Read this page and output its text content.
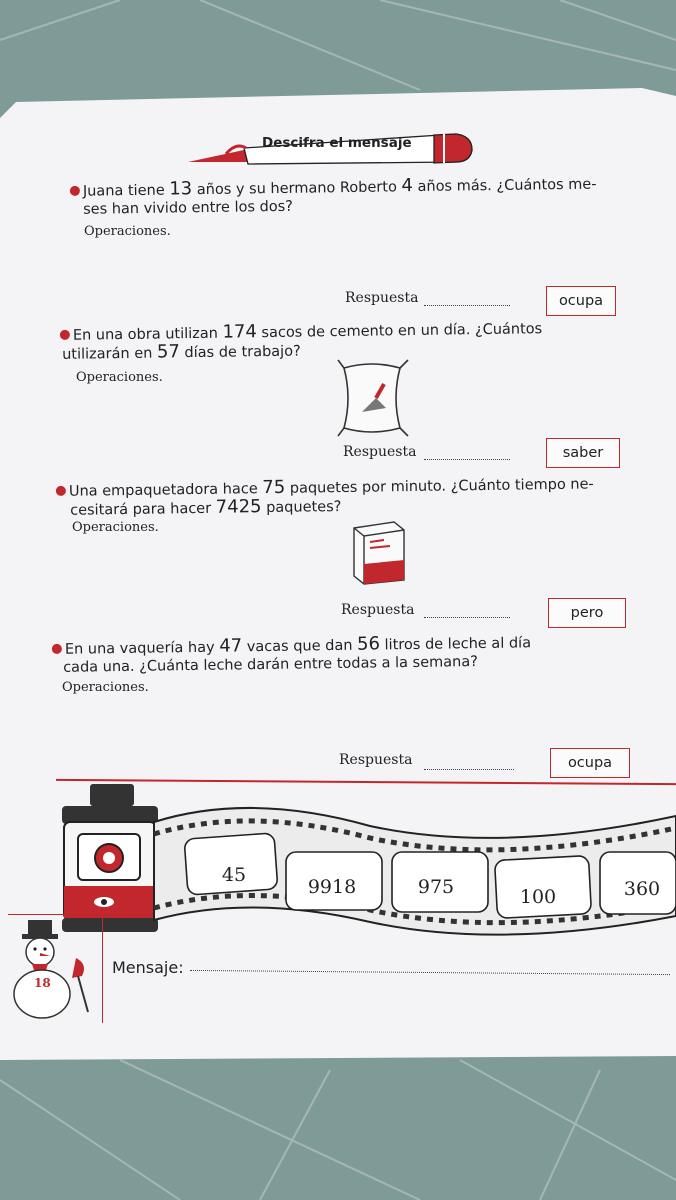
Descifra el mensaje
Juana tiene 13 años y su hermano Roberto 4 años más. ¿Cuántos me-
ses han vivido entre los dos?
Operaciones.
Respuesta	ocupa
En una obra utilizan 174 sacos de cemento en un día. ¿Cuántos
utilizarán en 57 días de trabajo?
Operaciones.
Respuesta	saber
Una empaquetadora hace 75 paquetes por minuto. ¿Cuánto tiempo ne-
cesitará para hacer 7425 paquetes?
Operaciones.
Respuesta	pero
En una vaquería hay 47 vacas que dan 56 litros de leche al día
cada una. ¿Cuánta leche darán entre todas a la semana?
Operaciones.
Respuesta	ocupa
45
9918	975	100	360
18
Mensaje:
